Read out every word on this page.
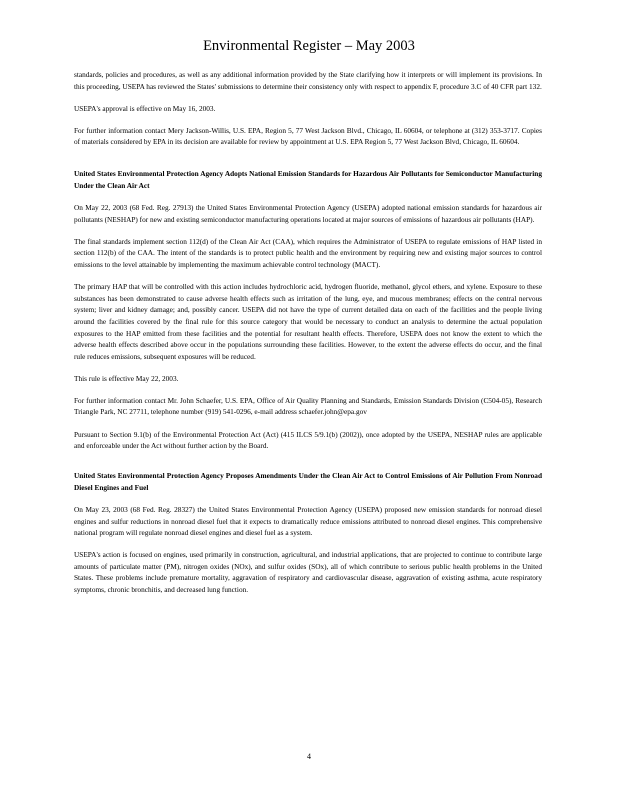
Environmental Register – May 2003

standards, policies and procedures, as well as any additional information provided by the State clarifying how it interprets or will implement its provisions. In this proceeding, USEPA has reviewed the States' submissions to determine their consistency only with respect to appendix F, procedure 3.C of 40 CFR part 132.

USEPA's approval is effective on May 16, 2003.

For further information contact Mery Jackson-Willis, U.S. EPA, Region 5, 77 West Jackson Blvd., Chicago, IL 60604, or telephone at (312) 353-3717. Copies of materials considered by EPA in its decision are available for review by appointment at U.S. EPA Region 5, 77 West Jackson Blvd, Chicago, IL 60604.

United States Environmental Protection Agency Adopts National Emission Standards for Hazardous Air Pollutants for Semiconductor Manufacturing Under the Clean Air Act

On May 22, 2003 (68 Fed. Reg. 27913) the United States Environmental Protection Agency (USEPA) adopted national emission standards for hazardous air pollutants (NESHAP) for new and existing semiconductor manufacturing operations located at major sources of emissions of hazardous air pollutants (HAP).

The final standards implement section 112(d) of the Clean Air Act (CAA), which requires the Administrator of USEPA to regulate emissions of HAP listed in section 112(b) of the CAA. The intent of the standards is to protect public health and the environment by requiring new and existing major sources to control emissions to the level attainable by implementing the maximum achievable control technology (MACT).

The primary HAP that will be controlled with this action includes hydrochloric acid, hydrogen fluoride, methanol, glycol ethers, and xylene. Exposure to these substances has been demonstrated to cause adverse health effects such as irritation of the lung, eye, and mucous membranes; effects on the central nervous system; liver and kidney damage; and, possibly cancer. USEPA did not have the type of current detailed data on each of the facilities and the people living around the facilities covered by the final rule for this source category that would be necessary to conduct an analysis to determine the actual population exposures to the HAP emitted from these facilities and the potential for resultant health effects. Therefore, USEPA does not know the extent to which the adverse health effects described above occur in the populations surrounding these facilities. However, to the extent the adverse effects do occur, and the final rule reduces emissions, subsequent exposures will be reduced.

This rule is effective May 22, 2003.

For further information contact Mr. John Schaefer, U.S. EPA, Office of Air Quality Planning and Standards, Emission Standards Division (C504-05), Research Triangle Park, NC 27711, telephone number (919) 541-0296, e-mail address schaefer.john@epa.gov

Pursuant to Section 9.1(b) of the Environmental Protection Act (Act) (415 ILCS 5/9.1(b) (2002)), once adopted by the USEPA, NESHAP rules are applicable and enforceable under the Act without further action by the Board.

United States Environmental Protection Agency Proposes Amendments Under the Clean Air Act to Control Emissions of Air Pollution From Nonroad Diesel Engines and Fuel

On May 23, 2003 (68 Fed. Reg. 28327) the United States Environmental Protection Agency (USEPA) proposed new emission standards for nonroad diesel engines and sulfur reductions in nonroad diesel fuel that it expects to dramatically reduce emissions attributed to nonroad diesel engines. This comprehensive national program will regulate nonroad diesel engines and diesel fuel as a system.

USEPA's action is focused on engines, used primarily in construction, agricultural, and industrial applications, that are projected to continue to contribute large amounts of particulate matter (PM), nitrogen oxides (NOx), and sulfur oxides (SOx), all of which contribute to serious public health problems in the United States. These problems include premature mortality, aggravation of respiratory and cardiovascular disease, aggravation of existing asthma, acute respiratory symptoms, chronic bronchitis, and decreased lung function.

4
